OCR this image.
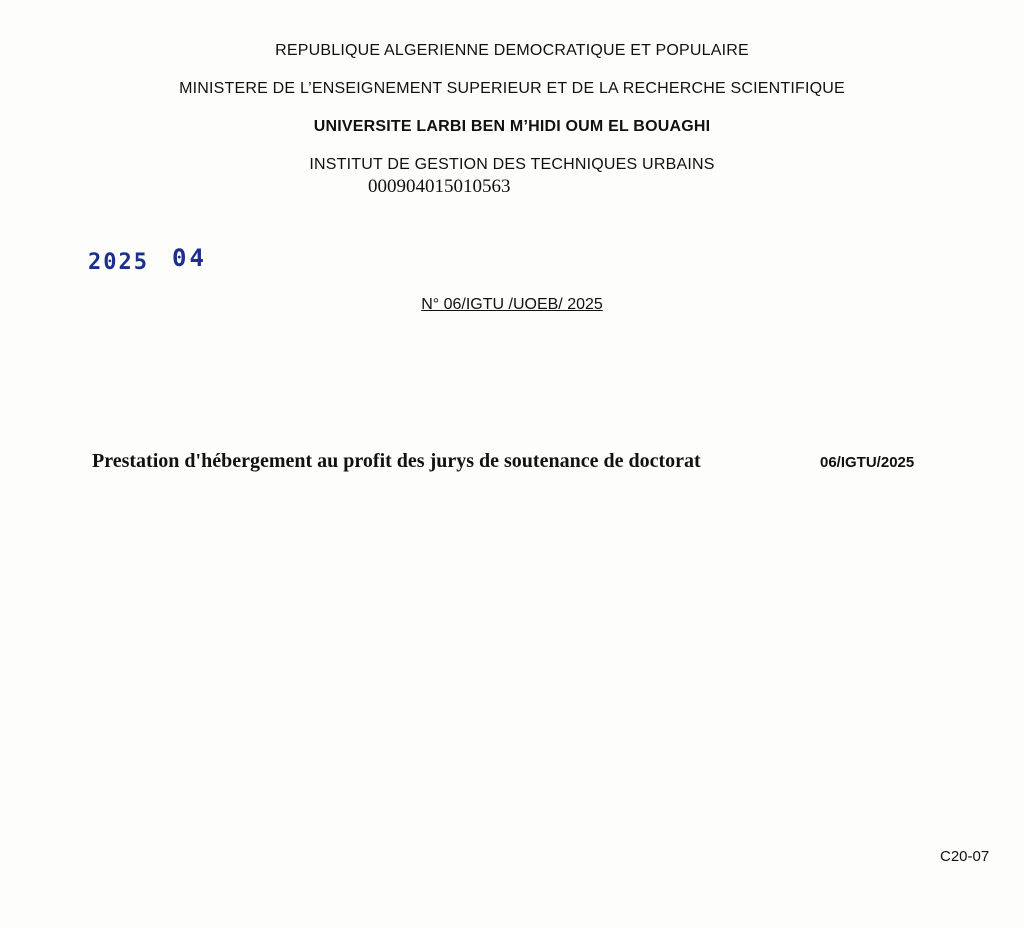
REPUBLIQUE ALGERIENNE DEMOCRATIQUE ET POPULAIRE
MINISTERE DE L’ENSEIGNEMENT SUPERIEUR ET DE LA RECHERCHE SCIENTIFIQUE
UNIVERSITE LARBI BEN M’HIDI OUM EL BOUAGHI
INSTITUT DE GESTION DES TECHNIQUES URBAINS
000904015010563
2025 04
N° 06/IGTU /UOEB/ 2025
Prestation d'hébergement au profit des jurys de soutenance de doctorat	06/IGTU/2025
C20-07
